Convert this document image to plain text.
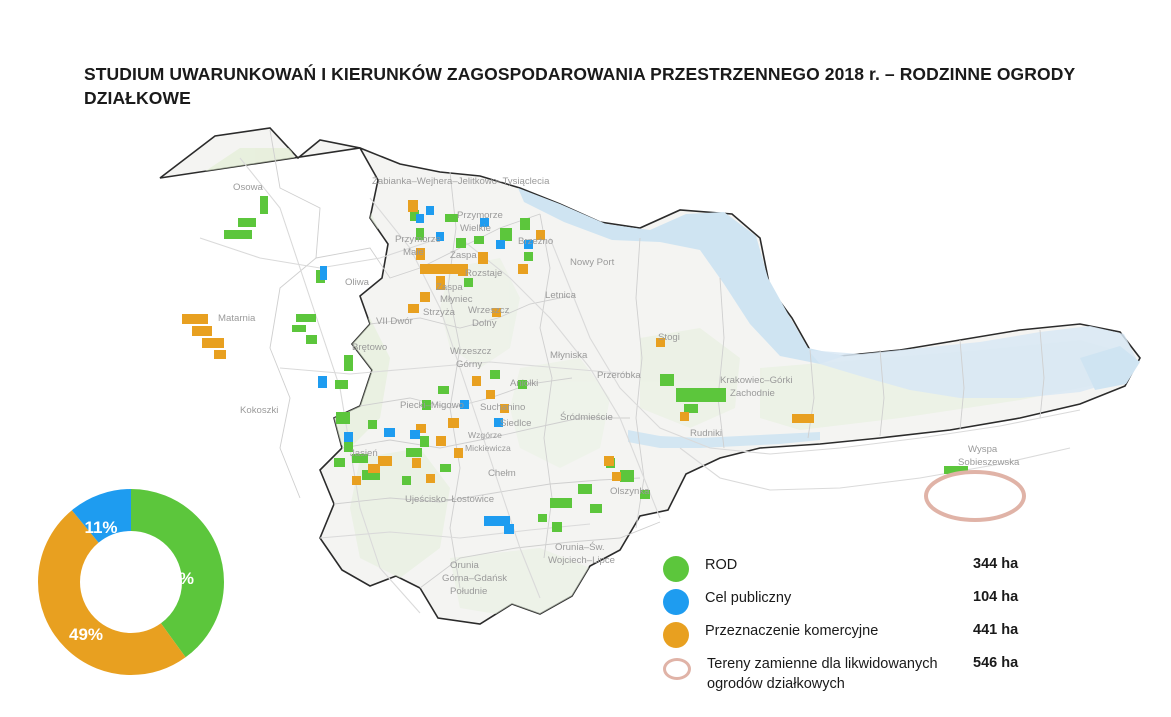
STUDIUM UWARUNKOWAŃ I KIERUNKÓW ZAGOSPODAROWANIA PRZESTRZENNEGO 2018 r. – RODZINNE OGRODY DZIAŁKOWE
Osowa
Żabianka–Wejhera–Jelitkowo–Tysiąclecia
Przymorze
Wielkie
Przymorze
Małe
Brzeźno
Nowy Port
Zaspa
Rozstaje
Zaspa
Młyniec
Oliwa
Letnica
Strzyża Wrzeszcz
Dolny
VII Dwór
Matarnia
Stogi
Brętowo	Wrzeszcz
Górny
Młyniska
Aniołki
Przeróbka	Krakowiec–Górki
Zachodnie
Piecki–Migowo Suchanino
Śródmieście
Siedlce
Kokoszki
Rudniki
Wzgórze
Mickiewicza
Jasień
Chełm
Wyspa
Sobieszewska
Olszynka
Ujeścisko–Łostowice
Orunia
Górna–Gdańsk
Południe
Orunia–Św.
Wojciech–Lipce
40%
11%
49%
ROD	344 ha
Cel publiczny	104 ha
Przeznaczenie komercyjne	441 ha
Tereny zamienne dla likwidowanych ogrodów działkowych
546 ha
